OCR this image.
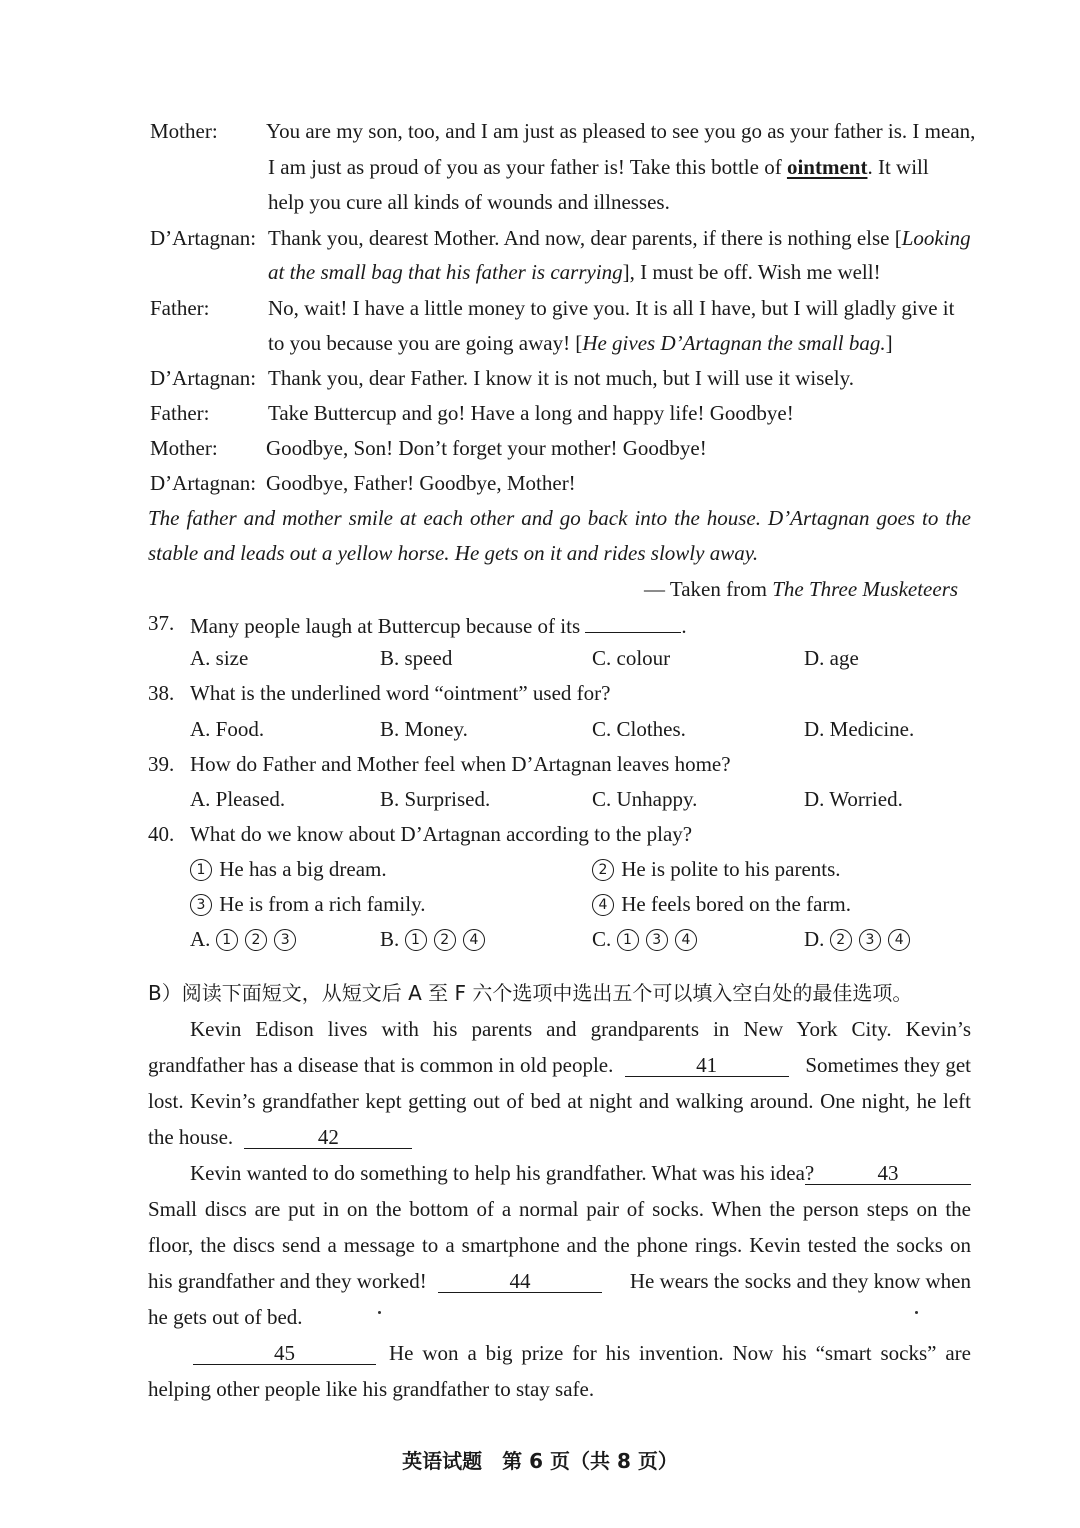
Mother: You are my son, too, and I am just as pleased to see you go as your father is. I mean,
I am just as proud of you as your father is! Take this bottle of ointment. It will
help you cure all kinds of wounds and illnesses.
D’Artagnan: Thank you, dearest Mother. And now, dear parents, if there is nothing else [Looking
at the small bag that his father is carrying], I must be off. Wish me well!
Father:	No, wait! I have a little money to give you. It is all I have, but I will gladly give it
to you because you are going away! [He gives D’Artagnan the small bag.]
D’Artagnan: Thank you, dear Father. I know it is not much, but I will use it wisely.
Father:	Take Buttercup and go! Have a long and happy life! Goodbye!
Mother: Goodbye, Son! Don’t forget your mother! Goodbye!
D’Artagnan: Goodbye, Father! Goodbye, Mother!
The father and mother smile at each other and go back into the house. D’Artagnan goes to the
stable and leads out a yellow horse. He gets on it and rides slowly away.
— Taken from The Three Musketeers
37. Many people laugh at Buttercup because of its	.
A. size	B. speed	C. colour	D. age
38. What is the underlined word “ointment” used for?
A. Food.	B. Money.	C. Clothes.	D. Medicine.
39. How do Father and Mother feel when D’Artagnan leaves home?
A. Pleased.	B. Surprised.	C. Unhappy.	D. Worried.
40. What do we know about D’Artagnan according to the play?
1 He has a big dream.	2 He is polite to his parents.
3 He is from a rich family.	4 He feels bored on the farm.
A. 1 2 3	B. 1 2 4	C. 1 3 4	D. 2 3 4
B）阅读下面短文，从短文后 A 至 F 六个选项中选出五个可以填入空白处的最佳选项。
Kevin Edison lives with his parents and grandparents in New York City. Kevin’s
grandfather has a disease that is common in old people.	41	Sometimes they get
lost. Kevin’s grandfather kept getting out of bed at night and walking around. One night, he left
the house.	42
Kevin wanted to do something to help his grandfather. What was his idea?	43
Small discs are put in on the bottom of a normal pair of socks. When the person steps on the
floor, the discs send a message to a smartphone and the phone rings. Kevin tested the socks on
his grandfather and they worked!	44	He wears the socks and they know when
he gets out of bed.
45	He won a big prize for his invention. Now his “smart socks” are
helping other people like his grandfather to stay safe.
英语试题　第 6 页（共 8 页）
